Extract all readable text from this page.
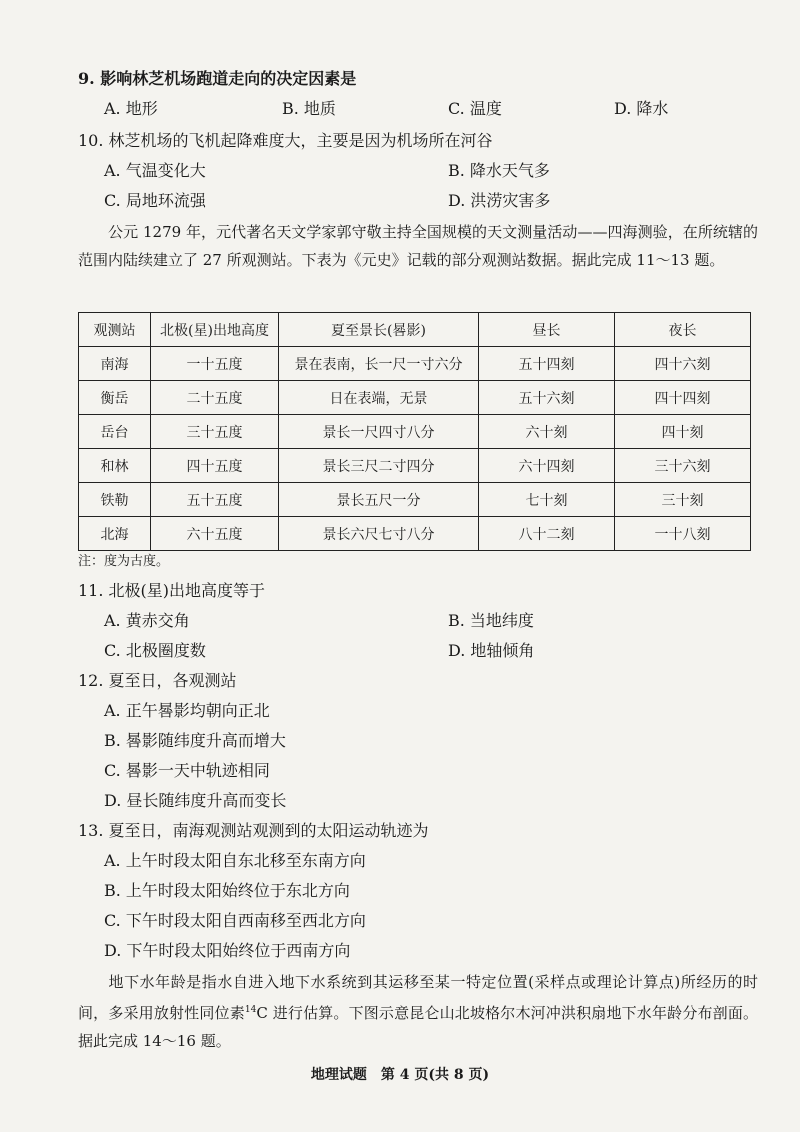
9. 影响林芝机场跑道走向的决定因素是
A. 地形	B. 地质	C. 温度	D. 降水
10. 林芝机场的飞机起降难度大，主要是因为机场所在河谷
A. 气温变化大	B. 降水天气多
C. 局地环流强	D. 洪涝灾害多
公元 1279 年，元代著名天文学家郭守敬主持全国规模的天文测量活动——四海测验，在所统辖的范围内陆续建立了 27 所观测站。下表为《元史》记载的部分观测站数据。据此完成 11～13 题。
观测站	北极(星)出地高度	夏至景长(晷影)	昼长	夜长
南海	一十五度	景在表南，长一尺一寸六分	五十四刻	四十六刻
衡岳	二十五度	日在表端，无景	五十六刻	四十四刻
岳台	三十五度	景长一尺四寸八分	六十刻	四十刻
和林	四十五度	景长三尺二寸四分	六十四刻	三十六刻
铁勒	五十五度	景长五尺一分	七十刻	三十刻
北海	六十五度	景长六尺七寸八分	八十二刻	一十八刻
注：度为古度。
11. 北极(星)出地高度等于
A. 黄赤交角	B. 当地纬度
C. 北极圈度数	D. 地轴倾角
12. 夏至日，各观测站
A. 正午晷影均朝向正北
B. 晷影随纬度升高而增大
C. 晷影一天中轨迹相同
D. 昼长随纬度升高而变长
13. 夏至日，南海观测站观测到的太阳运动轨迹为
A. 上午时段太阳自东北移至东南方向
B. 上午时段太阳始终位于东北方向
C. 下午时段太阳自西南移至西北方向
D. 下午时段太阳始终位于西南方向
地下水年龄是指水自进入地下水系统到其运移至某一特定位置(采样点或理论计算点)所经历的时间，多采用放射性同位素$^{14}$C 进行估算。下图示意昆仑山北坡格尔木河冲洪积扇地下水年龄分布剖面。据此完成 14～16 题。
地理试题　第 4 页(共 8 页)
